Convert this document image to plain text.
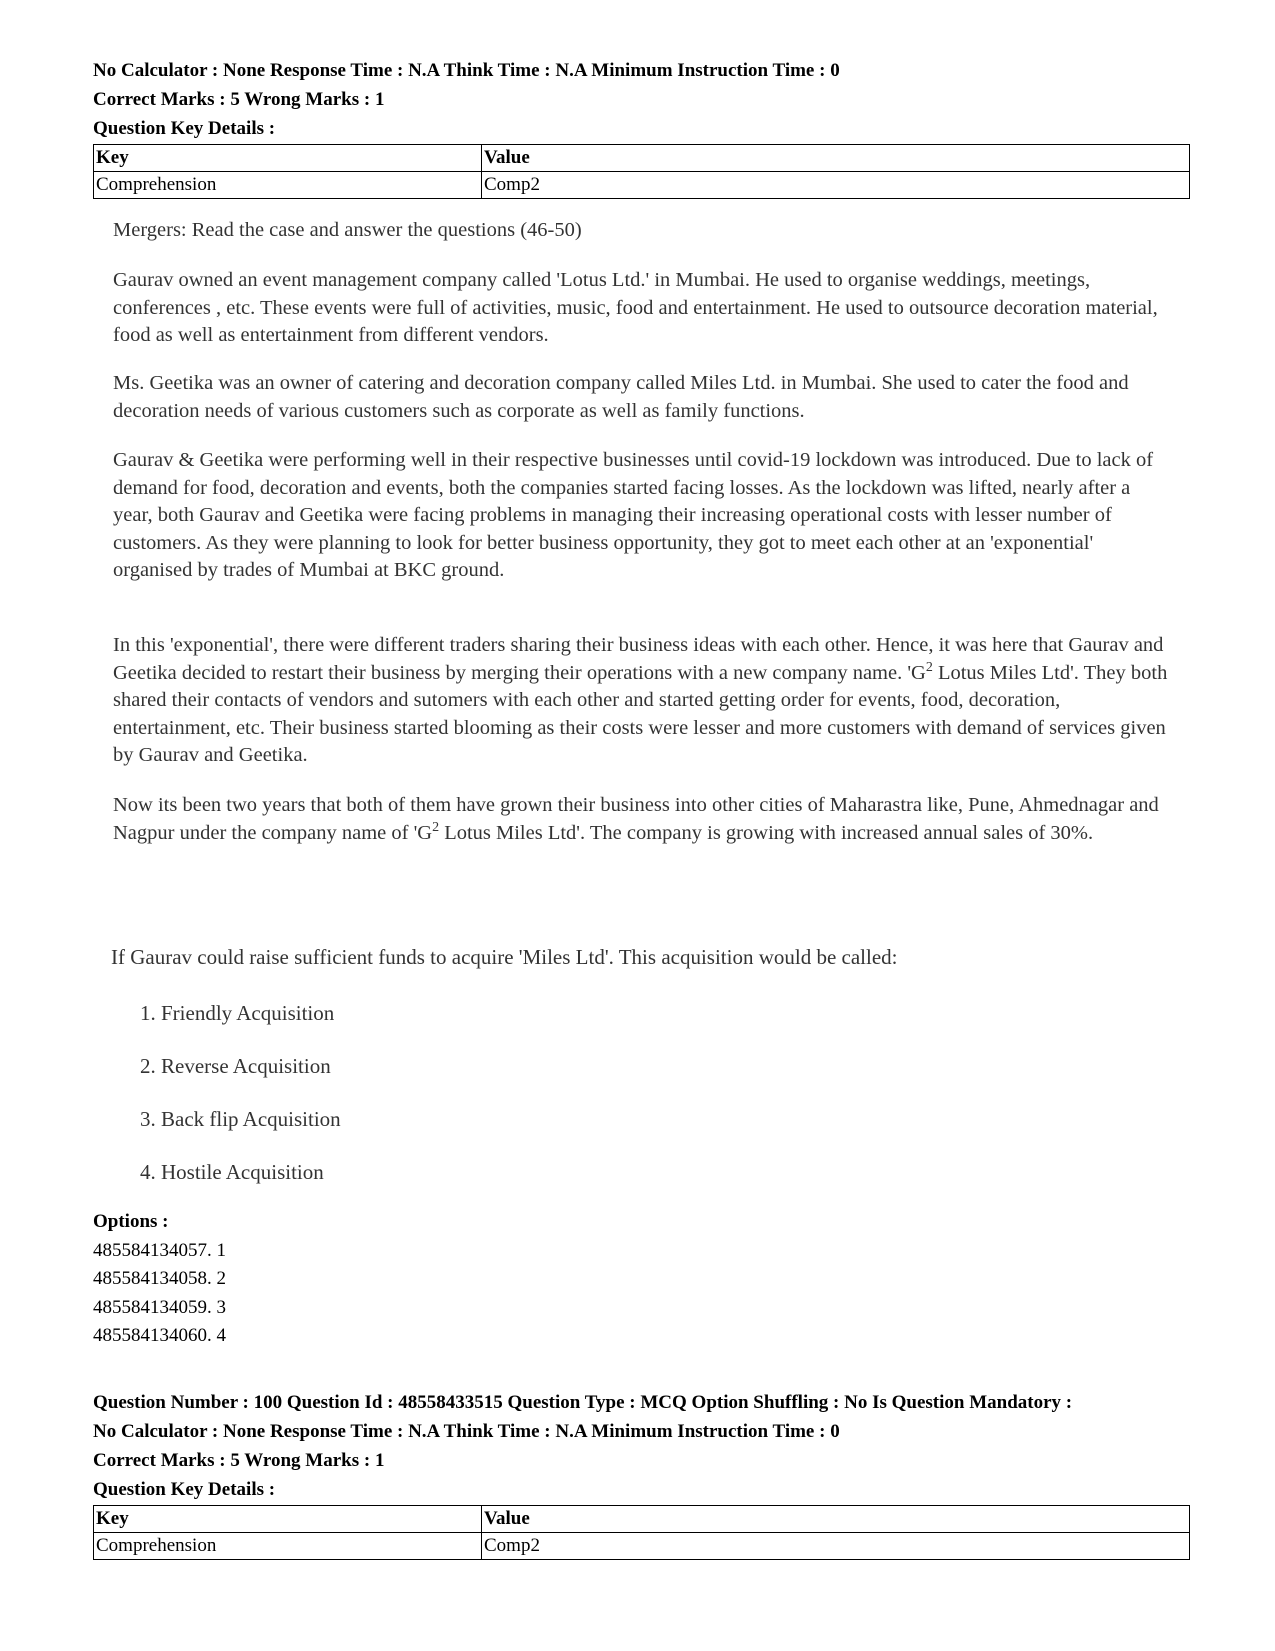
No Calculator : None Response Time : N.A Think Time : N.A Minimum Instruction Time : 0

Correct Marks : 5 Wrong Marks : 1

Question Key Details :

Key	Value
Comprehension	Comp2

Mergers: Read the case and answer the questions (46-50)

Gaurav owned an event management company called 'Lotus Ltd.' in Mumbai. He used to organise weddings, meetings, conferences , etc. These events were full of activities, music, food and entertainment. He used to outsource decoration material, food as well as entertainment from different vendors.

Ms. Geetika was an owner of catering and decoration company called Miles Ltd. in Mumbai. She used to cater the food and decoration needs of various customers such as corporate as well as family functions.

Gaurav & Geetika were performing well in their respective businesses until covid-19 lockdown was introduced. Due to lack of demand for food, decoration and events, both the companies started facing losses. As the lockdown was lifted, nearly after a year, both Gaurav and Geetika were facing problems in managing their increasing operational costs with lesser number of customers. As they were planning to look for better business opportunity, they got to meet each other at an 'exponential' organised by trades of Mumbai at BKC ground.

In this 'exponential', there were different traders sharing their business ideas with each other. Hence, it was here that Gaurav and Geetika decided to restart their business by merging their operations with a new company name. '$G^2$ Lotus Miles Ltd'. They both shared their contacts of vendors and sutomers with each other and started getting order for events, food, decoration, entertainment, etc. Their business started blooming as their costs were lesser and more customers with demand of services given by Gaurav and Geetika.

Now its been two years that both of them have grown their business into other cities of Maharastra like, Pune, Ahmednagar and Nagpur under the company name of '$G^2$ Lotus Miles Ltd'. The company is growing with increased annual sales of 30%.

If Gaurav could raise sufficient funds to acquire 'Miles Ltd'. This acquisition would be called:
1. Friendly Acquisition
2. Reverse Acquisition
3. Back flip Acquisition
4. Hostile Acquisition
Options :
485584134057. 1
485584134058. 2
485584134059. 3
485584134060. 4

Question Number : 100 Question Id : 48558433515 Question Type : MCQ Option Shuffling : No Is Question Mandatory :

No Calculator : None Response Time : N.A Think Time : N.A Minimum Instruction Time : 0

Correct Marks : 5 Wrong Marks : 1

Question Key Details :

Key	Value
Comprehension	Comp2
